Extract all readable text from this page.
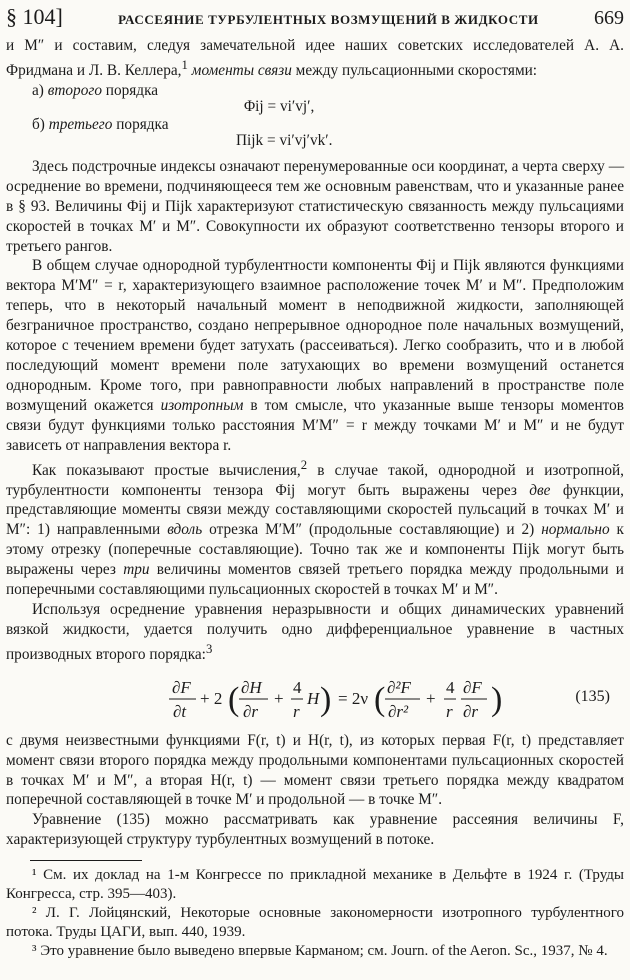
§ 104]	РАССЕЯНИЕ ТУРБУЛЕНТНЫХ ВОЗМУЩЕНИЙ В ЖИДКОСТИ	669

и M″ и составим, следуя замечательной идее наших советских исследователей А. А. Фридмана и Л. В. Келлера,$^1$ моменты связи между пульсационными скоростями:

а) второго порядка
Φij = vi′vj′,
б) третьего порядка
Πijk = vi′vj′vk′.

Здесь подстрочные индексы означают перенумерованные оси координат, а черта сверху — осреднение во времени, подчиняющееся тем же основным равенствам, что и указанные ранее в § 93. Величины Φij и Πijk характеризуют статистическую связанность между пульсациями скоростей в точках M′ и M″. Совокупности их образуют соответственно тензоры второго и третьего рангов.

В общем случае однородной турбулентности компоненты Φij и Πijk являются функциями вектора M′M″ = r, характеризующего взаимное расположение точек M′ и M″. Предположим теперь, что в некоторый начальный момент в неподвижной жидкости, заполняющей безграничное пространство, создано непрерывное однородное поле начальных возмущений, которое с течением времени будет затухать (рассеиваться). Легко сообразить, что и в любой последующий момент времени поле затухающих во времени возмущений останется однородным. Кроме того, при равноправности любых направлений в пространстве поле возмущений окажется изотропным в том смысле, что указанные выше тензоры моментов связи будут функциями только расстояния M′M″ = r между точками M′ и M″ и не будут зависеть от направления вектора r.

Как показывают простые вычисления,$^2$ в случае такой, однородной и изотропной, турбулентности компоненты тензора Φij могут быть выражены через две функции, представляющие моменты связи между составляющими скоростей пульсаций в точках M′ и M″: 1) направленными вдоль отрезка M′M″ (продольные составляющие) и 2) нормально к этому отрезку (поперечные составляющие). Точно так же и компоненты Πijk могут быть выражены через три величины моментов связей третьего порядка между продольными и поперечными составляющими пульсационных скоростей в точках M′ и M″.

Используя осреднение уравнения неразрывности и общих динамических уравнений вязкой жидкости, удается получить одно дифференциальное уравнение в частных производных второго порядка:$^3$

∂F
∂t
+ 2 ( ∂H
∂r
+
4
r
H ) = 2ν ( ∂²F
∂r²
+
4
r
∂F
∂r )	(135)

с двумя неизвестными функциями F(r, t) и H(r, t), из которых первая F(r, t) представляет момент связи второго порядка между продольными компонентами пульсационных скоростей в точках M′ и M″, а вторая H(r, t) — момент связи третьего порядка между квадратом поперечной составляющей в точке M′ и продольной — в точке M″.

Уравнение (135) можно рассматривать как уравнение рассеяния величины F, характеризующей структуру турбулентных возмущений в потоке.

¹ См. их доклад на 1-м Конгрессе по прикладной механике в Дельфте в 1924 г. (Труды Конгресса, стр. 395—403).

² Л. Г. Лойцянский, Некоторые основные закономерности изотропного турбулентного потока. Труды ЦАГИ, вып. 440, 1939.

³ Это уравнение было выведено впервые Карманом; см. Journ. of the Aeron. Sc., 1937, № 4.
